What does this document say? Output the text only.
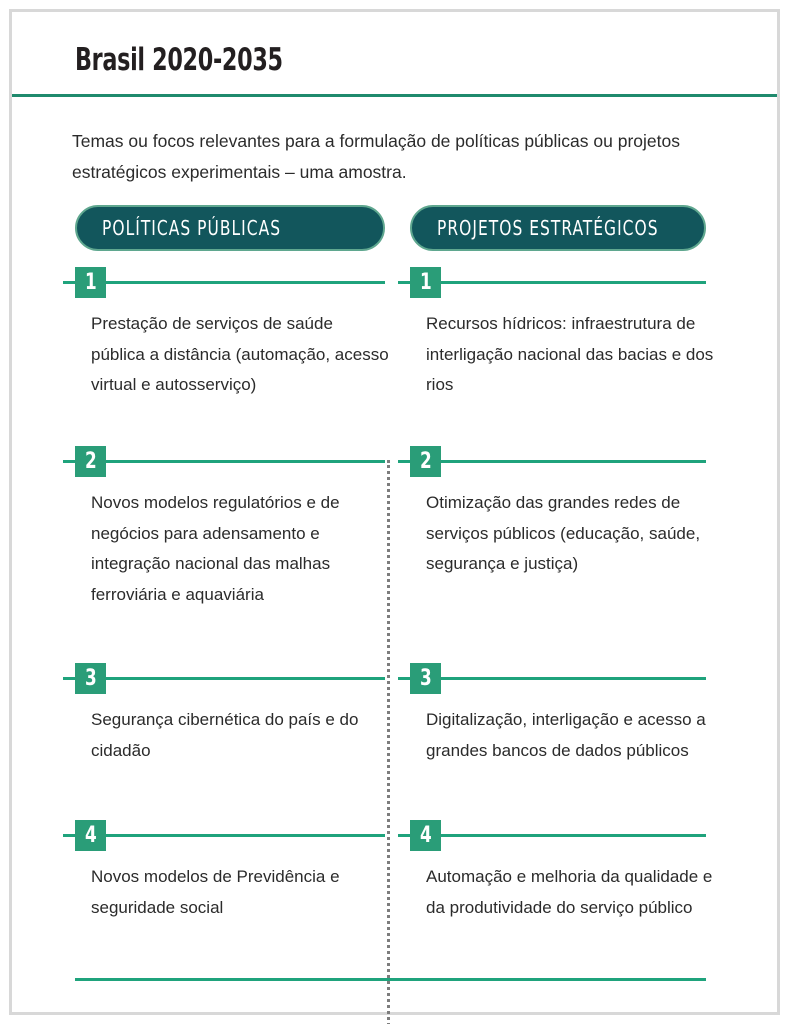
Brasil 2020-2035

Temas ou focos relevantes para a formulação de políticas públicas ou projetos estratégicos experimentais – uma amostra.

POLÍTICAS PÚBLICAS
1
Prestação de serviços de saúde pública a distância (automação, acesso virtual e autosserviço)
2
Novos modelos regulatórios e de negócios para adensamento e integração nacional das malhas ferroviária e aquaviária
3
Segurança cibernética do país e do cidadão
4
Novos modelos de Previdência e seguridade social
PROJETOS ESTRATÉGICOS
1
Recursos hídricos: infraestrutura de interligação nacional das bacias e dos rios
2
Otimização das grandes redes de serviços públicos (educação, saúde, segurança e justiça)
3
Digitalização, interligação e acesso a grandes bancos de dados públicos
4
Automação e melhoria da qualidade e da produtividade do serviço público
